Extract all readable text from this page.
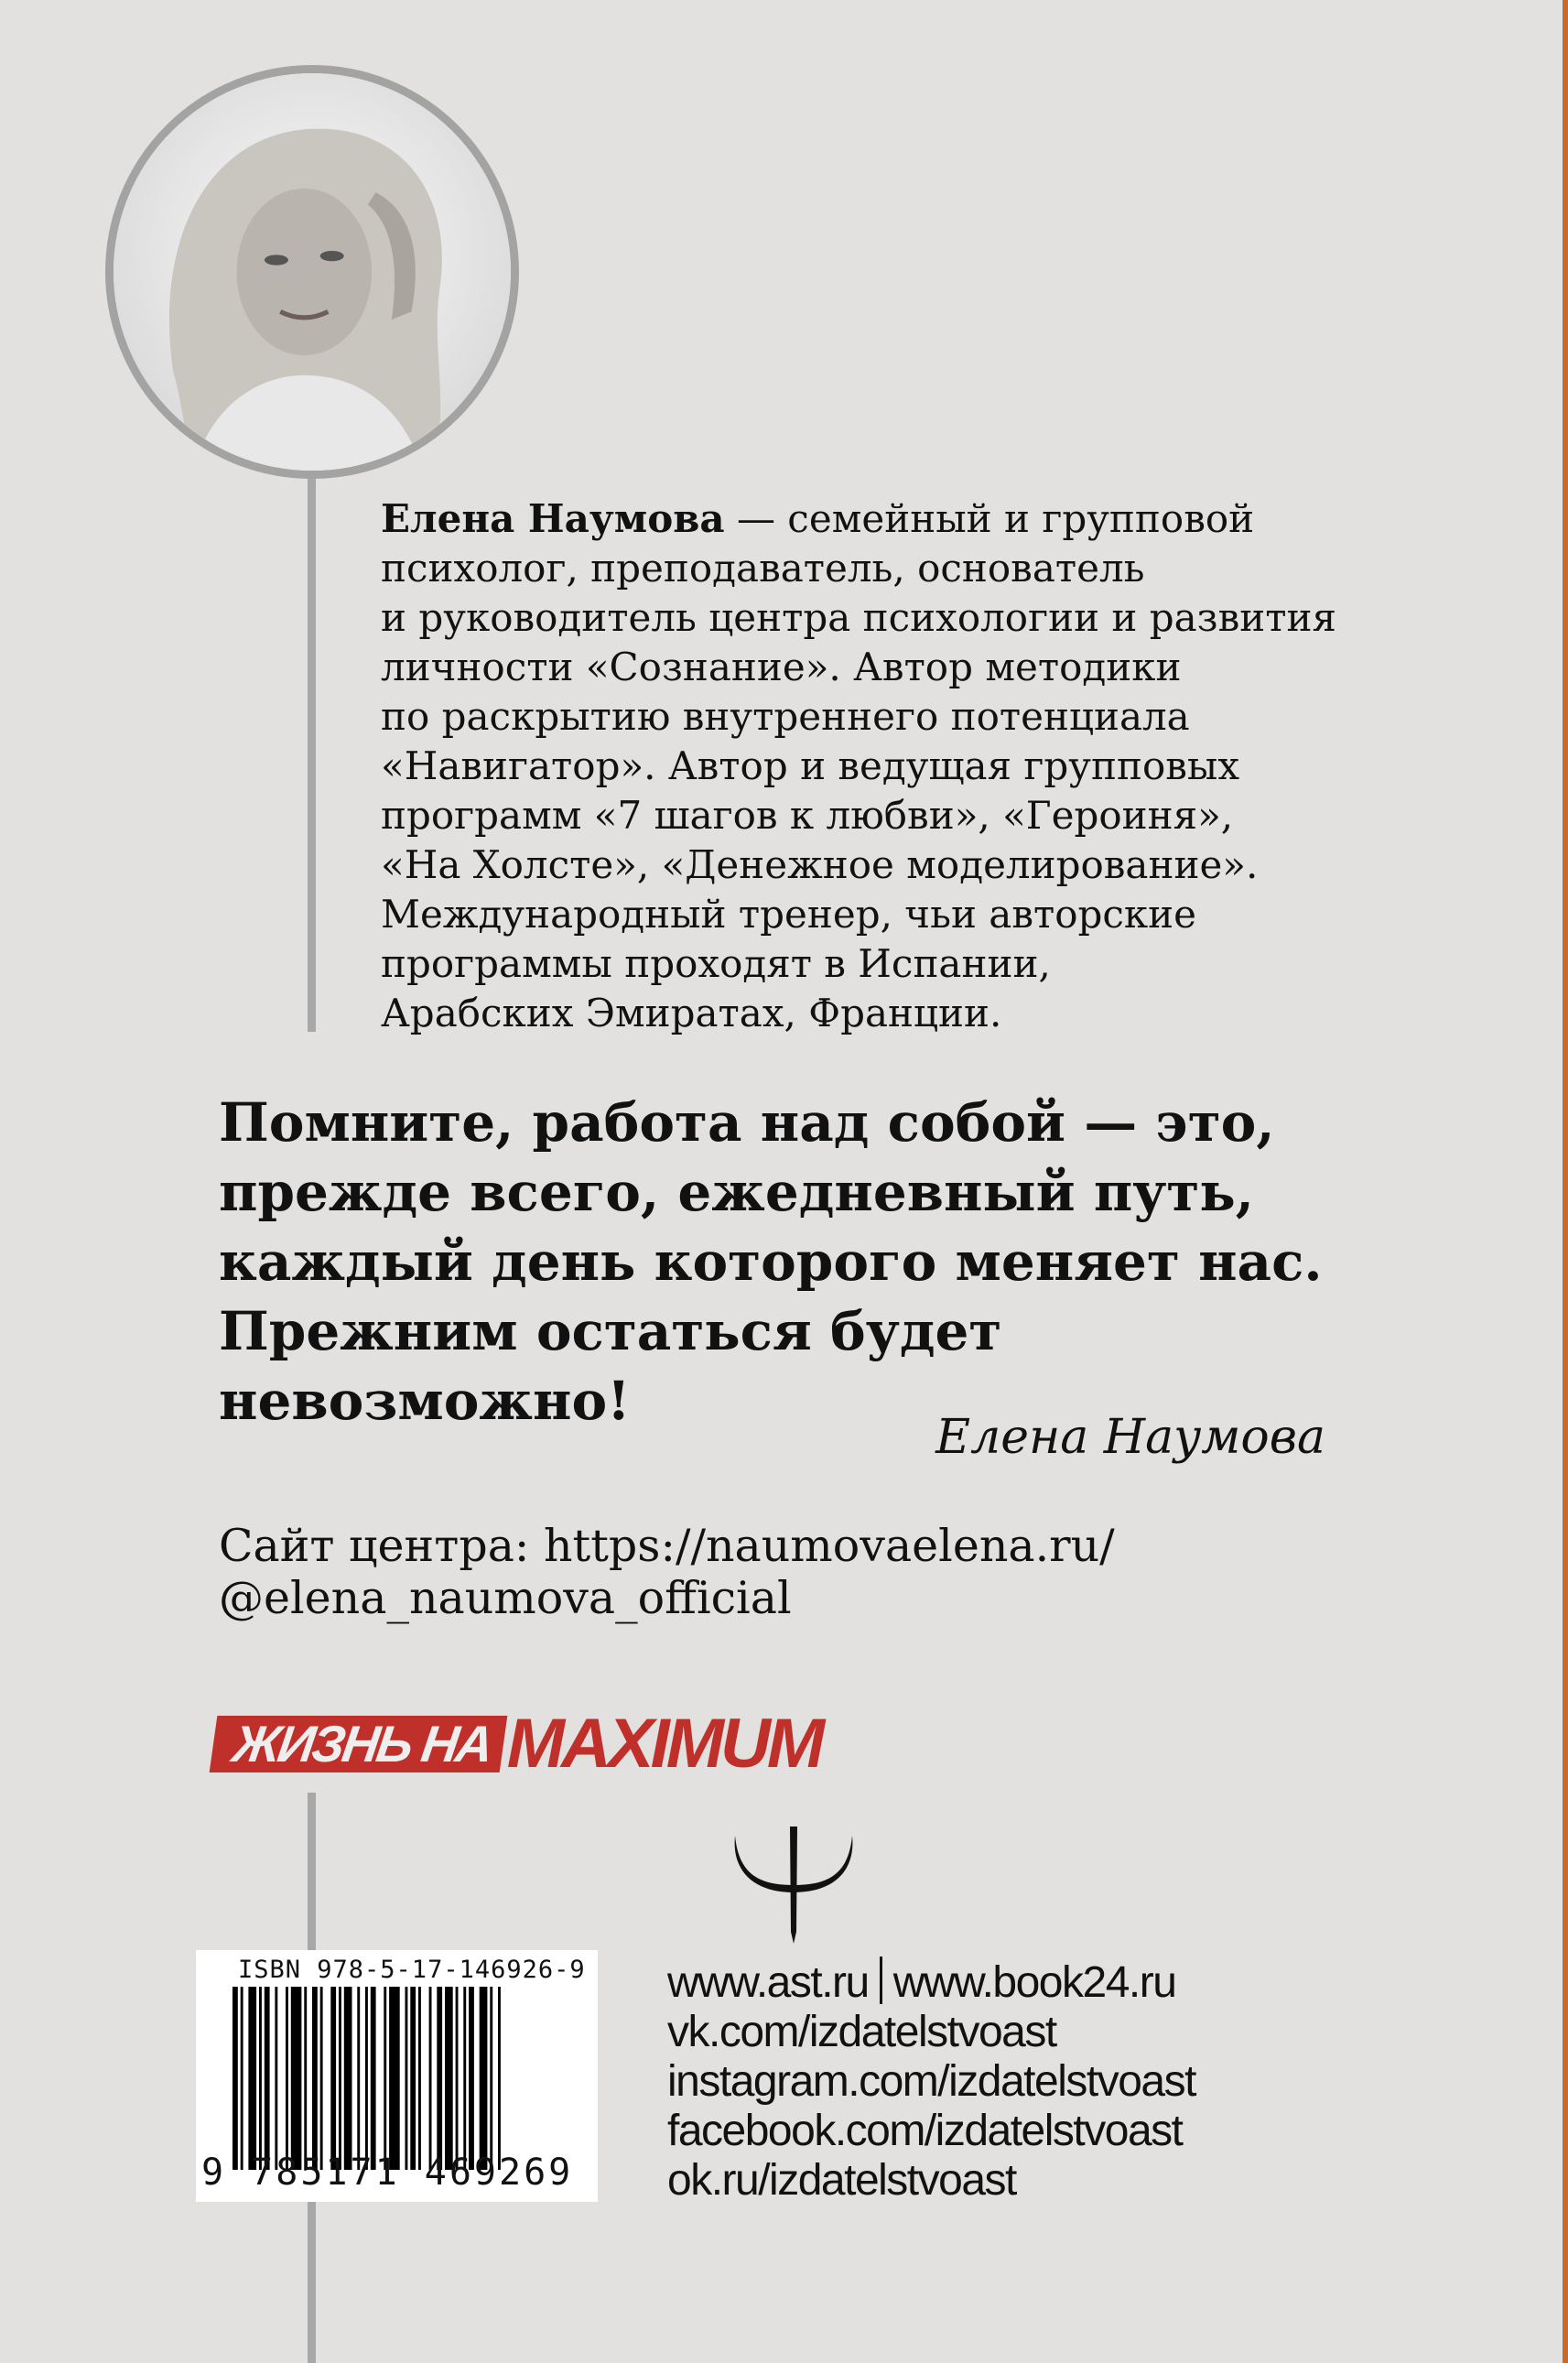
Елена Наумова — семейный и групповой
психолог, преподаватель, основатель
и руководитель центра психологии и развития
личности «Сознание». Автор методики
по раскрытию внутреннего потенциала
«Навигатор». Автор и ведущая групповых
программ «7 шагов к любви», «Героиня»,
«На Холсте», «Денежное моделирование».
Международный тренер, чьи авторские
программы проходят в Испании,
Арабских Эмиратах, Франции.
Помните, работа над собой — это,
прежде всего, ежедневный путь,
каждый день которого меняет нас.
Прежним остаться будет
невозможно!
Елена Наумова
Сайт центра: https://naumovaelena.ru/
@elena_naumova_official
ЖИЗНЬ НА MAXIMUM
ISBN 978-5-17-146926-9
9 785171 469269
www.ast.ru www.book24.ru
vk.com/izdatelstvoast
instagram.com/izdatelstvoast
facebook.com/izdatelstvoast
ok.ru/izdatelstvoast
